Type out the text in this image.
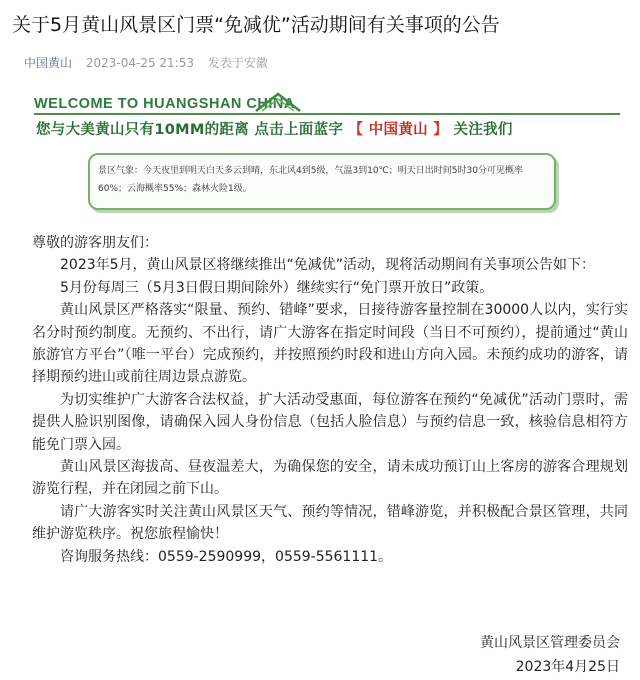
关于5月黄山风景区门票“免减优”活动期间有关事项的公告
中国黄山 2023-04-25 21:53 发表于安徽
WELCOME TO HUANGSHAN CHINA
您与大美黄山只有10MM的距离 点击上面蓝字 【 中国黄山 】 关注我们
景区气象：今天夜里到明天白天多云到晴，东北风4到5级，气温3到10℃；明天日出时间5时30分可见概率60%；云海概率55%；森林火险1级。

尊敬的游客朋友们：

2023年5月，黄山风景区将继续推出“免减优”活动，现将活动期间有关事项公告如下：

5月份每周三（5月3日假日期间除外）继续实行“免门票开放日”政策。

黄山风景区严格落实“限量、预约、错峰”要求，日接待游客量控制在30000人以内，实行实名分时预约制度。无预约、不出行，请广大游客在指定时间段（当日不可预约），提前通过“黄山旅游官方平台”（唯一平台）完成预约，并按照预约时段和进山方向入园。未预约成功的游客，请择期预约进山或前往周边景点游览。

为切实维护广大游客合法权益，扩大活动受惠面，每位游客在预约“免减优”活动门票时，需提供人脸识别图像，请确保入园人身份信息（包括人脸信息）与预约信息一致，核验信息相符方能免门票入园。

黄山风景区海拔高、昼夜温差大，为确保您的安全，请未成功预订山上客房的游客合理规划游览行程，并在闭园之前下山。

请广大游客实时关注黄山风景区天气、预约等情况，错峰游览，并积极配合景区管理，共同维护游览秩序。祝您旅程愉快！

咨询服务热线：0559-2590999，0559-5561111。

黄山风景区管理委员会
2023年4月25日
